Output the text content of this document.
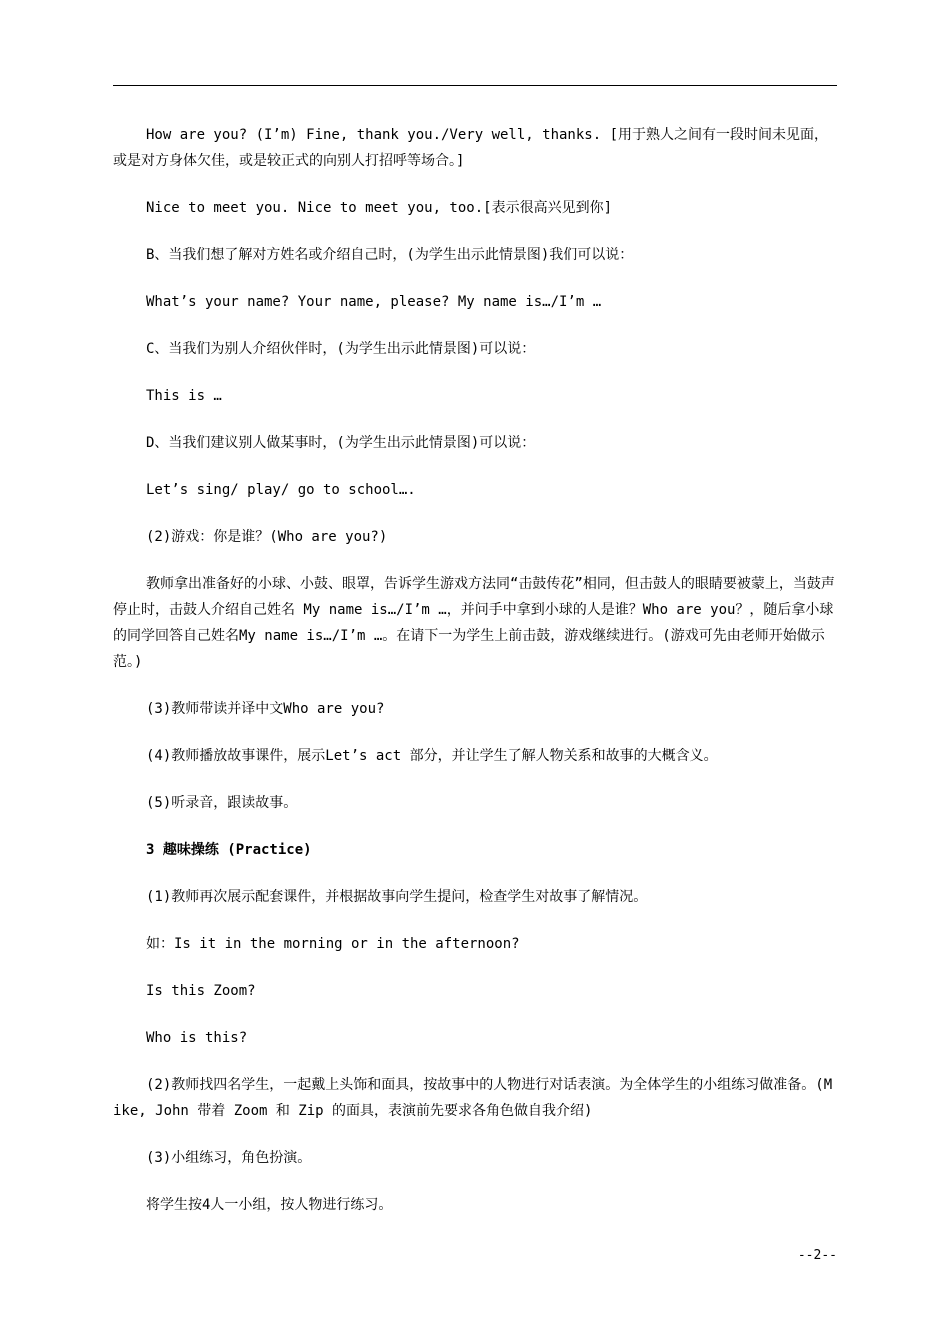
How are you? (I’m) Fine, thank you./Very well, thanks. [用于熟人之间有一段时间未见面，或是对方身体欠佳，或是较正式的向别人打招呼等场合。]

Nice to meet you. Nice to meet you, too.[表示很高兴见到你]

B、当我们想了解对方姓名或介绍自己时，(为学生出示此情景图)我们可以说：

What’s your name? Your name, please? My name is…/I’m …

C、当我们为别人介绍伙伴时，(为学生出示此情景图)可以说：

This is …

D、当我们建议别人做某事时，(为学生出示此情景图)可以说：

Let’s sing/ play/ go to school….

(2)游戏：你是谁？(Who are you?)

教师拿出准备好的小球、小鼓、眼罩，告诉学生游戏方法同“击鼓传花”相同，但击鼓人的眼睛要被蒙上，当鼓声停止时，击鼓人介绍自己姓名 My name is…/I’m …，并问手中拿到小球的人是谁？Who are you？，随后拿小球的同学回答自己姓名My name is…/I’m …。在请下一为学生上前击鼓，游戏继续进行。(游戏可先由老师开始做示范。)

(3)教师带读并译中文Who are you?

(4)教师播放故事课件，展示Let’s act 部分，并让学生了解人物关系和故事的大概含义。

(5)听录音，跟读故事。

3 趣味操练 (Practice)

(1)教师再次展示配套课件，并根据故事向学生提问，检查学生对故事了解情况。

如：Is it in the morning or in the afternoon?

Is this Zoom?

Who is this?

(2)教师找四名学生，一起戴上头饰和面具，按故事中的人物进行对话表演。为全体学生的小组练习做准备。(Mike, John 带着 Zoom 和 Zip 的面具，表演前先要求各角色做自我介绍)

(3)小组练习，角色扮演。

将学生按4人一小组，按人物进行练习。

--2--
